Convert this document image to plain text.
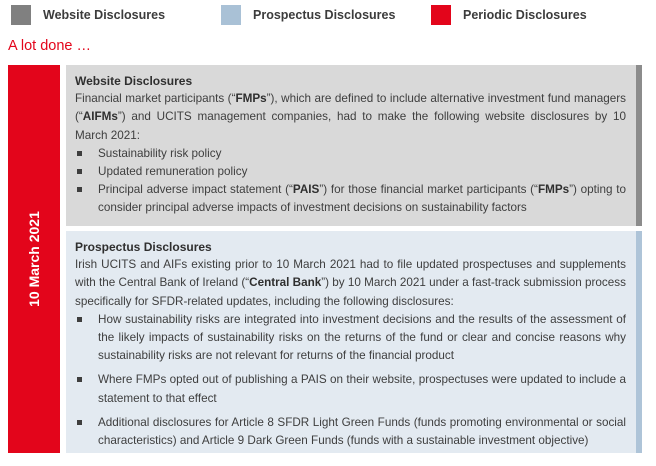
Website Disclosures	Prospectus Disclosures	Periodic Disclosures
A lot done …
10 March 2021
Website Disclosures
Financial market participants (“FMPs”), which are defined to include alternative investment fund managers (“AIFMs”) and UCITS management companies, had to make the following website disclosures by 10 March 2021:
Sustainability risk policy
Updated remuneration policy
Principal adverse impact statement (“PAIS”) for those financial market participants (“FMPs”) opting to consider principal adverse impacts of investment decisions on sustainability factors
Prospectus Disclosures
Irish UCITS and AIFs existing prior to 10 March 2021 had to file updated prospectuses and supplements with the Central Bank of Ireland (“Central Bank”) by 10 March 2021 under a fast-track submission process specifically for SFDR-related updates, including the following disclosures:
How sustainability risks are integrated into investment decisions and the results of the assessment of the likely impacts of sustainability risks on the returns of the fund or clear and concise reasons why sustainability risks are not relevant for returns of the financial product
Where FMPs opted out of publishing a PAIS on their website, prospectuses were updated to include a statement to that effect
Additional disclosures for Article 8 SFDR Light Green Funds (funds promoting environmental or social characteristics) and Article 9 Dark Green Funds (funds with a sustainable investment objective)
